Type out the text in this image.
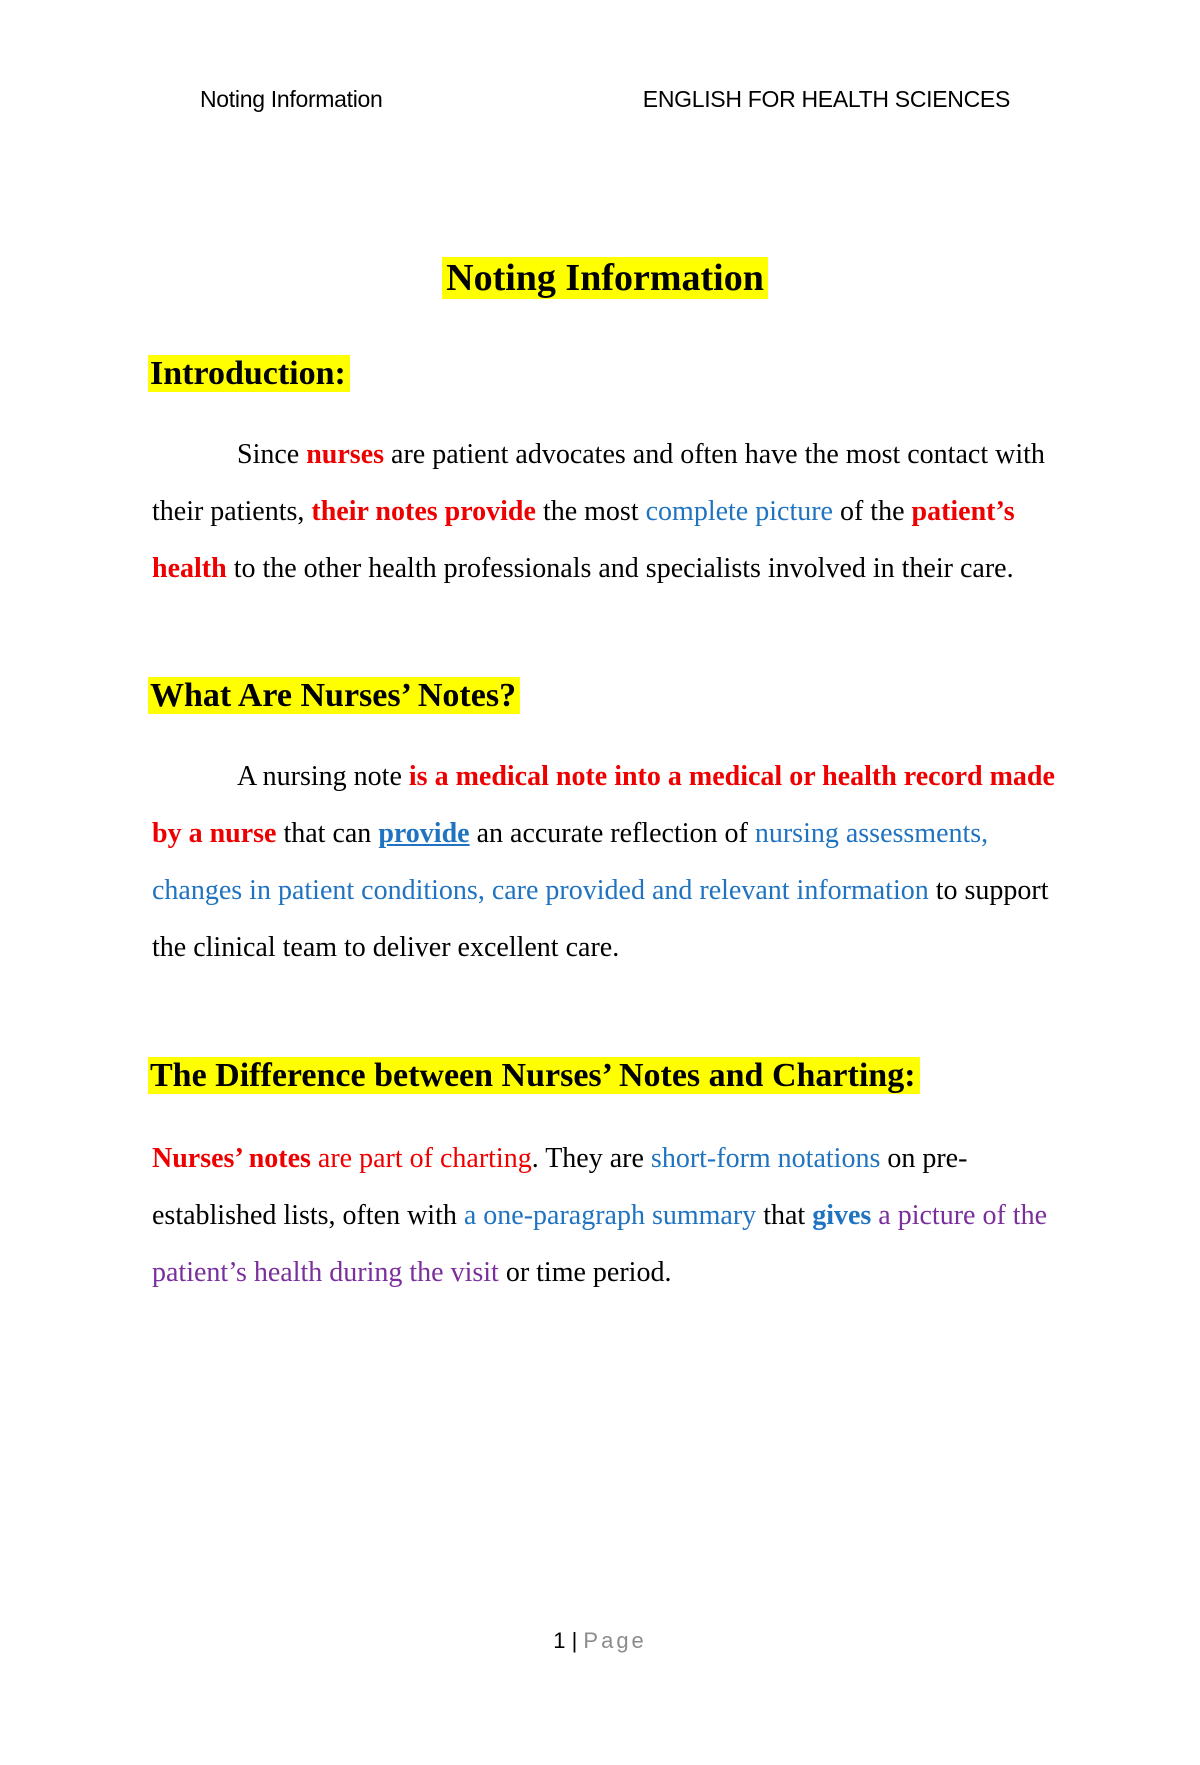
Noting Information	ENGLISH FOR HEALTH SCIENCES
Noting Information
Introduction:
Since nurses are patient advocates and often have the most contact with their patients, their notes provide the most complete picture of the patient’s health to the other health professionals and specialists involved in their care.
What Are Nurses’ Notes?
A nursing note is a medical note into a medical or health record made by a nurse that can provide an accurate reflection of nursing assessments, changes in patient conditions, care provided and relevant information to support the clinical team to deliver excellent care.
The Difference between Nurses’ Notes and Charting:
Nurses’ notes are part of charting. They are short-form notations on pre-established lists, often with a one-paragraph summary that gives a picture of the patient’s health during the visit or time period.
1 | Page
